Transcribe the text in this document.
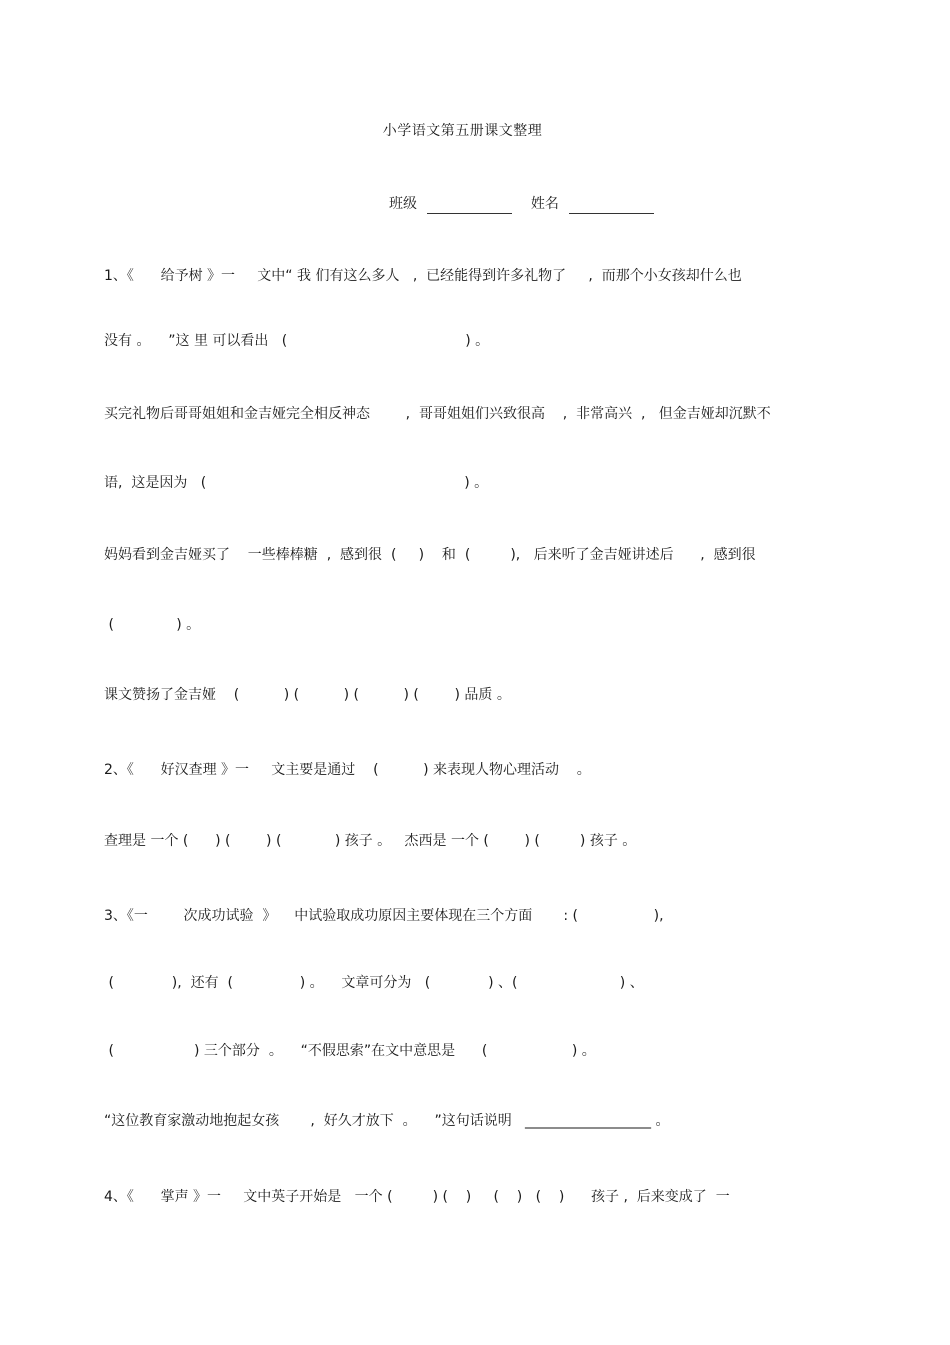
小学语文第五册课文整理
班级	姓名
1、《      给予树 》一     文中“ 我 们有这么多人   ,  已经能得到许多礼物了     ,  而那个小女孩却什么也
没有 。    ”这 里 可以看出   (                                        ) 。
买完礼物后哥哥姐姐和金吉娅完全相反神态        ,  哥哥姐姐们兴致很高    ,  非常高兴  ,   但金吉娅却沉默不
语,  这是因为   (                                                          ) 。
妈妈看到金吉娅买了    一些棒棒糖  ,  感到很  (     )    和  (         ),   后来听了金吉娅讲述后      ,  感到很
(              ) 。
课文赞扬了金吉娅    (          ) (          ) (          ) (        ) 品质 。
2、《      好汉查理 》一     文主要是通过    (          ) 来表现人物心理活动    。
查理是 一个 (      ) (        ) (            ) 孩子 。   杰西是 一个 (        ) (         ) 孩子 。
3、《一        次成功试验  》    中试验取成功原因主要体现在三个方面       : (                 ),
(             ),  还有  (               ) 。    文章可分为   (             ) 、(                       ) 、
(                  ) 三个部分  。    “不假思索”在文中意思是      (                   ) 。
“这位教育家激动地抱起女孩       ,  好久才放下  。    ”这句话说明   __________________ 。
4、《      掌声 》一     文中英子开始是   一个 (         ) (    )     (    )   (    )      孩子 ,  后来变成了  一
